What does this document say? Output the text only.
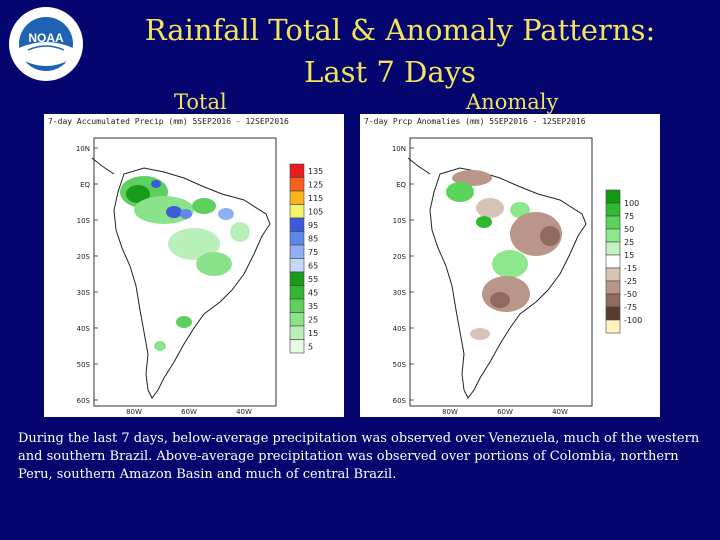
NOAA	Rainfall Total & Anomaly Patterns:
Last 7 Days
Total	Anomaly
7-day Accumulated Precip (mm) 5SEP2016 - 12SEP2016
10N
EQ
10S
20S
30S
40S
50S
60S
80W	60W	40W
135
125
115
105
95
85
75
65
55
45
35
25
15
5
7-day Prcp Anomalies (mm) 5SEP2016 - 12SEP2016
10N
EQ
10S
20S
30S
40S
50S
60S
80W	60W	40W
100
75
50
25
15
-15
-25
-50
-75
-100
During the last 7 days, below-average precipitation was observed over Venezuela, much of the western and southern Brazil. Above-average precipitation was observed over portions of Colombia, northern Peru, southern Amazon Basin and much of central Brazil.
